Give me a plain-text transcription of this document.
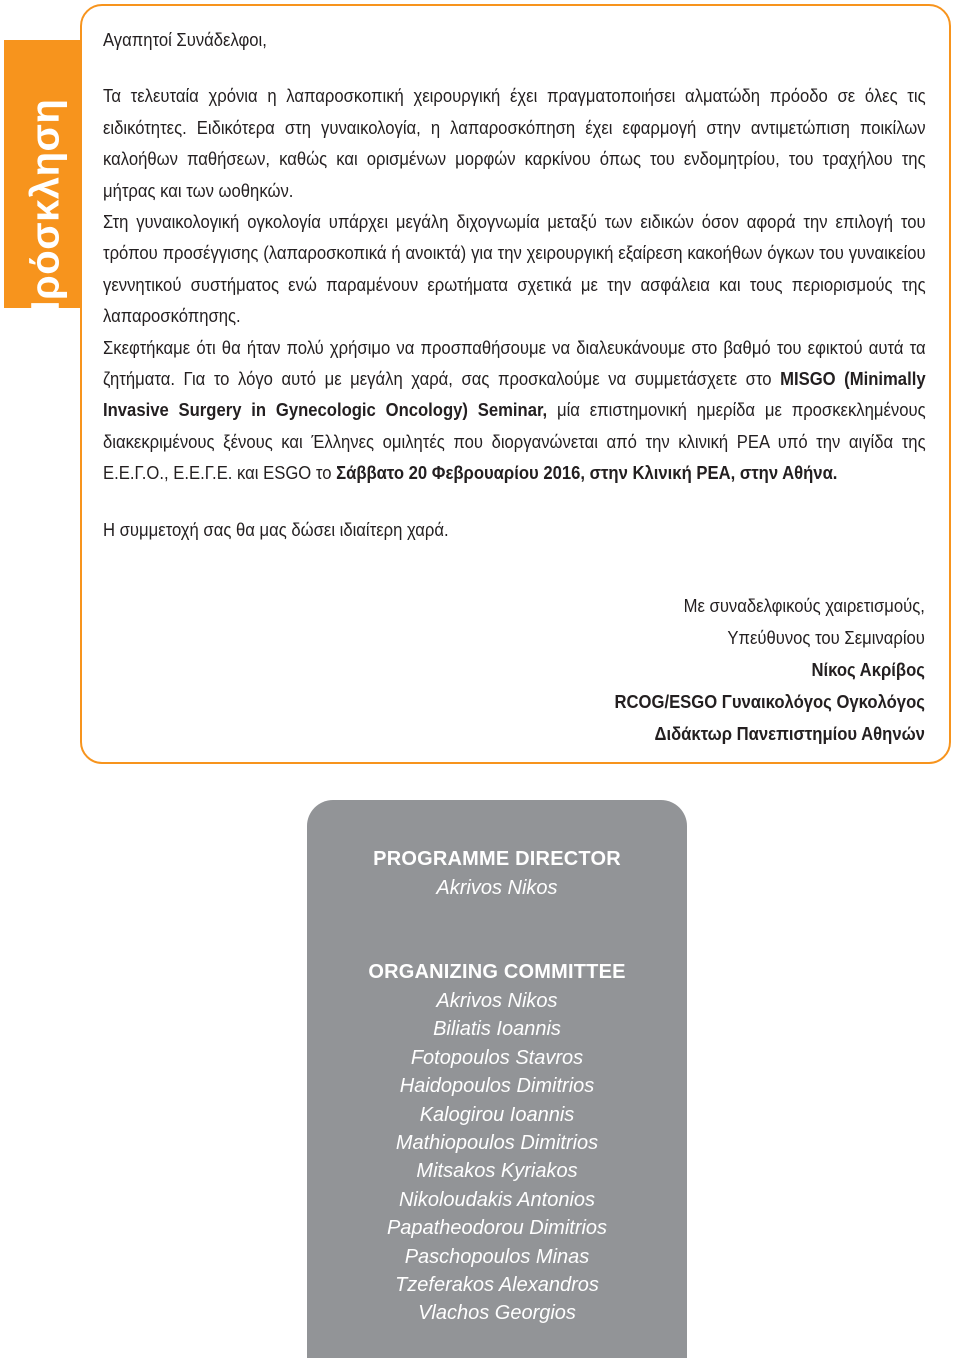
Πρόσκληση

Αγαπητοί Συνάδελφοι,

Τα τελευταία χρόνια η λαπαροσκοπική χειρουργική έχει πραγματοποιήσει αλματώδη πρόοδο σε όλες τις ειδικότητες. Ειδικότερα στη γυναικολογία, η λαπαροσκόπηση έχει εφαρμογή στην αντιμετώπιση ποικίλων καλοήθων παθήσεων, καθώς και ορισμένων μορφών καρκίνου όπως του ενδομητρίου, του τραχήλου της μήτρας και των ωοθηκών.

Στη γυναικολογική ογκολογία υπάρχει μεγάλη διχογνωμία μεταξύ των ειδικών όσον αφορά την επιλογή του τρόπου προσέγγισης (λαπαροσκοπικά ή ανοικτά) για την χειρουργική εξαίρεση κακοήθων όγκων του γυναικείου γεννητικού συστήματος ενώ παραμένουν ερωτήματα σχετικά με την ασφάλεια και τους περιορισμούς της λαπαροσκόπησης.

Σκεφτήκαμε ότι θα ήταν πολύ χρήσιμο να προσπαθήσουμε να διαλευκάνουμε στο βαθμό του εφικτού αυτά τα ζητήματα. Για το λόγο αυτό με μεγάλη χαρά, σας προσκαλούμε να συμμετάσχετε στο MISGO (Minimally Invasive Surgery in Gynecologic Oncology) Seminar, μία επιστημονική ημερίδα με προσκεκλημένους διακεκριμένους ξένους και Έλληνες ομιλητές που διοργανώνεται από την κλινική ΡΕΑ υπό την αιγίδα της Ε.Ε.Γ.Ο., Ε.Ε.Γ.Ε. και ESGO το Σάββατο 20 Φεβρουαρίου 2016, στην Κλινική ΡΕΑ, στην Αθήνα.

Η συμμετοχή σας θα μας δώσει ιδιαίτερη χαρά.

Με συναδελφικούς χαιρετισμούς,
Υπεύθυνος του Σεμιναρίου
Νίκος Ακρίβος
RCOG/ESGO Γυναικολόγος Ογκολόγος
Διδάκτωρ Πανεπιστημίου Αθηνών
PROGRAMME DIRECTOR
Akrivos Nikos
ORGANIZING COMMITTEE
Akrivos Nikos
Biliatis Ioannis
Fotopoulos Stavros
Haidopoulos Dimitrios
Kalogirou Ioannis
Mathiopoulos Dimitrios
Mitsakos Kyriakos
Nikoloudakis Antonios
Papatheodorou Dimitrios
Paschopoulos Minas
Tzeferakos Alexandros
Vlachos Georgios
